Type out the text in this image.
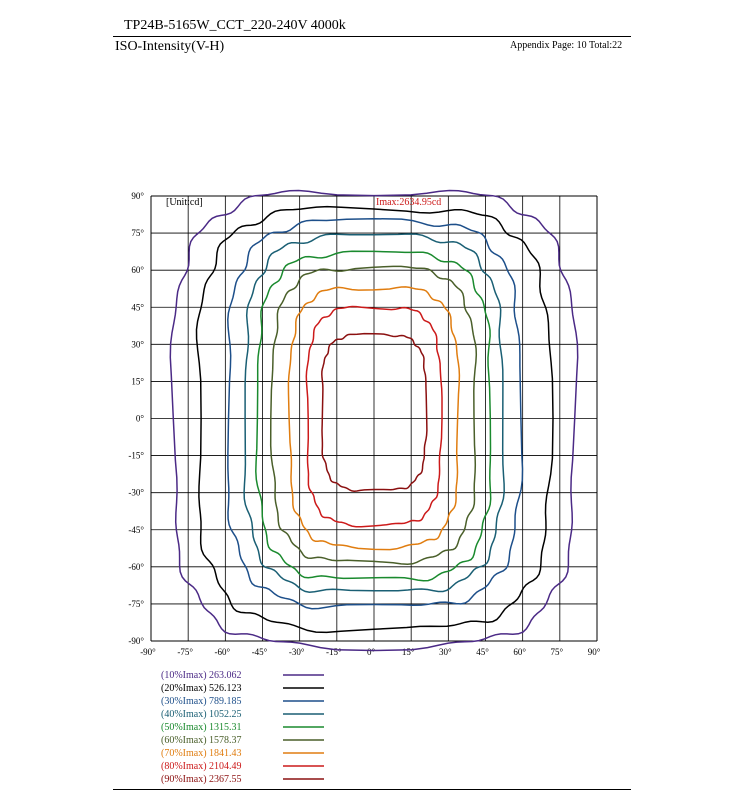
TP24B-5165W_CCT_220-240V 4000k
ISO-Intensity(V-H)	Appendix Page: 10 Total:22
90°
75°
60°
45°
30°
15°
0°
-15°
-30°
-45°
-60°
-75°
-90°
-90° -75° -60° -45° -30° -15°	0°	15°	30°	45°	60°	75°	90°
[Unit:cd]	Imax:2634.95cd
(10%Imax) 263.062
(20%Imax) 526.123
(30%Imax) 789.185
(40%Imax) 1052.25
(50%Imax) 1315.31
(60%Imax) 1578.37
(70%Imax) 1841.43
(80%Imax) 2104.49
(90%Imax) 2367.55
